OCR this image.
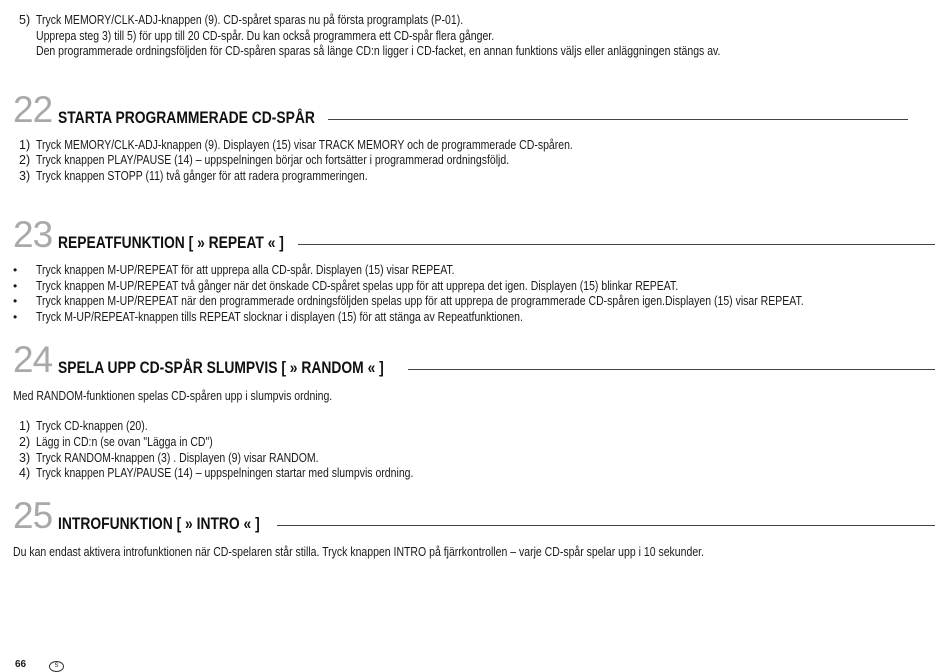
5) Tryck MEMORY/CLK-ADJ-knappen (9). CD-spåret sparas nu på första programplats (P-01).
Upprepa steg 3) till 5) för upp till 20 CD-spår. Du kan också programmera ett CD-spår flera gånger.
Den programmerade ordningsföljden för CD-spåren sparas så länge CD:n ligger i CD-facket, en annan funktions väljs eller anläggningen stängs av.
22 STARTA PROGRAMMERADE CD-SPÅR
1) Tryck MEMORY/CLK-ADJ-knappen (9). Displayen (15) visar TRACK MEMORY och de programmerade CD-spåren.
2) Tryck knappen PLAY/PAUSE (14) – uppspelningen börjar och fortsätter i programmerad ordningsföljd.
3) Tryck knappen STOPP (11) två gånger för att radera programmeringen.
23 REPEATFUNKTION [ » REPEAT « ]
• Tryck knappen M-UP/REPEAT för att upprepa alla CD-spår. Displayen (15) visar REPEAT.
• Tryck knappen M-UP/REPEAT två gånger när det önskade CD-spåret spelas upp för att upprepa det igen. Displayen (15) blinkar REPEAT.
• Tryck knappen M-UP/REPEAT när den programmerade ordningsföljden spelas upp för att upprepa de programmerade CD-spåren igen.Displayen (15) visar REPEAT.
• Tryck M-UP/REPEAT-knappen tills REPEAT slocknar i displayen (15) för att stänga av Repeatfunktionen.
24 SPELA UPP CD-SPÅR SLUMPVIS [ » RANDOM « ]
Med RANDOM-funktionen spelas CD-spåren upp i slumpvis ordning.
1) Tryck CD-knappen (20).
2) Lägg in CD:n (se ovan "Lägga in CD")
3) Tryck RANDOM-knappen (3) . Displayen (9) visar RANDOM.
4) Tryck knappen PLAY/PAUSE (14) – uppspelningen startar med slumpvis ordning.
25 INTROFUNKTION [ » INTRO « ]
Du kan endast aktivera introfunktionen när CD-spelaren står stilla. Tryck knappen INTRO på fjärrkontrollen – varje CD-spår spelar upp i 10 sekunder.
66	S
